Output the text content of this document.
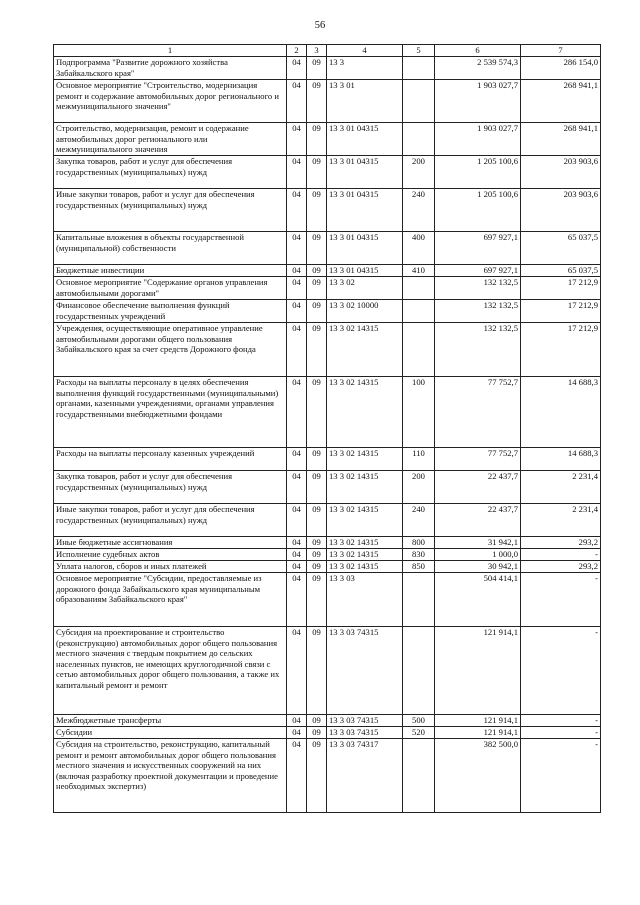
56
1	2	3	4	5	6	7
Подпрограмма "Развитие дорожного хозяйства Забайкальского края"	04	09	13 3		2 539 574,3	286 154,0
Основное мероприятие "Строительство, модернизация ремонт и содержание автомобильных дорог регионального и межмуниципального значения"	04	09	13 3 01		1 903 027,7	268 941,1
Строительство, модернизация, ремонт и содержание автомобильных дорог регионального или межмуниципального значения	04	09	13 3 01 04315		1 903 027,7	268 941,1
Закупка товаров, работ и услуг для обеспечения государственных (муниципальных) нужд	04	09	13 3 01 04315	200	1 205 100,6	203 903,6
Иные закупки товаров, работ и услуг для обеспечения государственных (муниципальных) нужд	04	09	13 3 01 04315	240	1 205 100,6	203 903,6
Капитальные вложения в объекты государственной (муниципальной) собственности	04	09	13 3 01 04315	400	697 927,1	65 037,5
Бюджетные инвестиции	04	09	13 3 01 04315	410	697 927,1	65 037,5
Основное мероприятие "Содержание органов управления автомобильными дорогами"	04	09	13 3 02		132 132,5	17 212,9
Финансовое обеспечение выполнения функций государственных учреждений	04	09	13 3 02 10000		132 132,5	17 212,9
Учреждения, осуществляющие оперативное управление автомобильными дорогами общего пользования Забайкальского края за счет средств Дорожного фонда	04	09	13 3 02 14315		132 132,5	17 212,9
Расходы на выплаты персоналу в целях обеспечения выполнения функций государственными (муниципальными) органами, казенными учреждениями, органами управления государственными внебюджетными фондами	04	09	13 3 02 14315	100	77 752,7	14 688,3
Расходы на выплаты персоналу казенных учреждений	04	09	13 3 02 14315	110	77 752,7	14 688,3
Закупка товаров, работ и услуг для обеспечения государственных (муниципальных) нужд	04	09	13 3 02 14315	200	22 437,7	2 231,4
Иные закупки товаров, работ и услуг для обеспечения государственных (муниципальных) нужд	04	09	13 3 02 14315	240	22 437,7	2 231,4
Иные бюджетные ассигнования	04	09	13 3 02 14315	800	31 942,1	293,2
Исполнение судебных актов	04	09	13 3 02 14315	830	1 000,0	-
Уплата налогов, сборов и иных платежей	04	09	13 3 02 14315	850	30 942,1	293,2
Основное мероприятие "Субсидии, предоставляемые из дорожного фонда Забайкальского края муниципальным образованиям Забайкальского края"	04	09	13 3 03		504 414,1	-
Субсидия на проектирование и строительство (реконструкцию) автомобильных дорог общего пользования местного значения с твердым покрытием до сельских населенных пунктов, не имеющих круглогодичной связи с сетью автомобильных дорог общего пользования, а также их капитальный ремонт и ремонт	04	09	13 3 03 74315		121 914,1	-
Межбюджетные трансферты	04	09	13 3 03 74315	500	121 914,1	-
Субсидии	04	09	13 3 03 74315	520	121 914,1	-
Субсидия на строительство, реконструкцию, капитальный ремонт и ремонт автомобильных дорог общего пользования местного значения и искусственных сооружений на них (включая разработку проектной документации и проведение необходимых экспертиз)	04	09	13 3 03 74317		382 500,0	-
